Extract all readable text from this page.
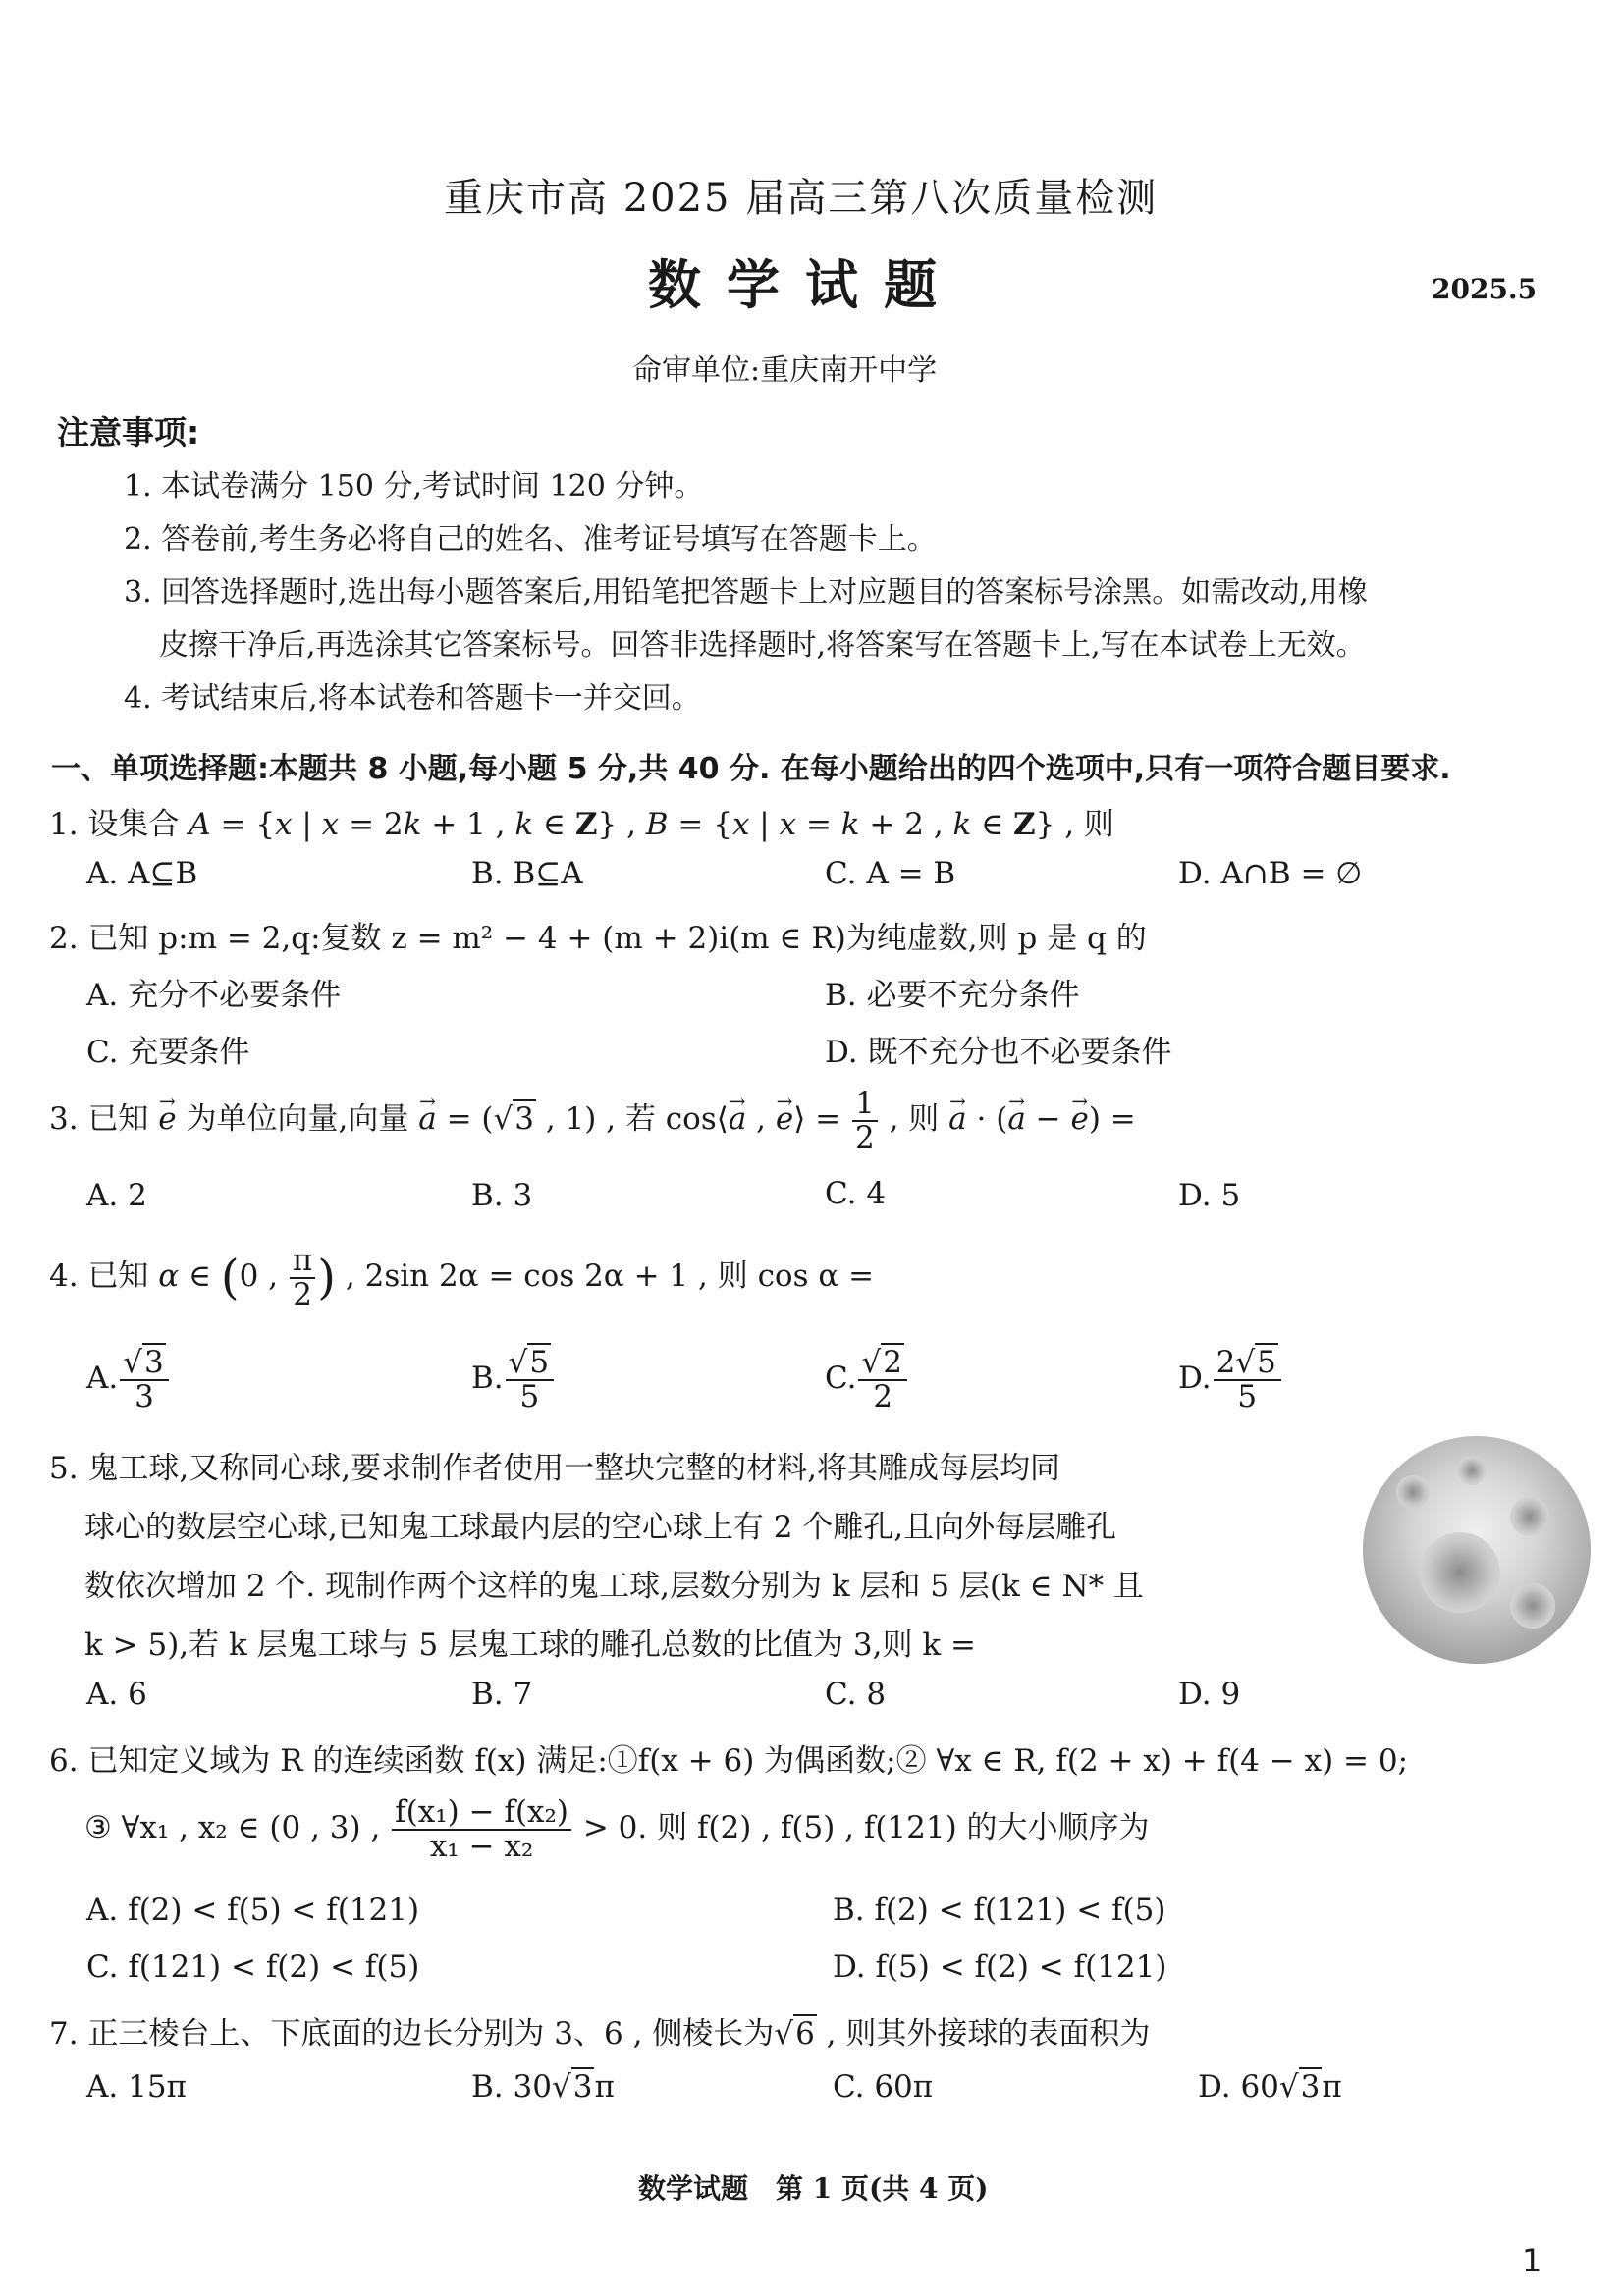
重庆市高 2025 届高三第八次质量检测
数学试题	2025.5
命审单位:重庆南开中学
注意事项:
1. 本试卷满分 150 分,考试时间 120 分钟。
2. 答卷前,考生务必将自己的姓名、准考证号填写在答题卡上。
3. 回答选择题时,选出每小题答案后,用铅笔把答题卡上对应题目的答案标号涂黑。如需改动,用橡
皮擦干净后,再选涂其它答案标号。回答非选择题时,将答案写在答题卡上,写在本试卷上无效。
4. 考试结束后,将本试卷和答题卡一并交回。
一、单项选择题:本题共 8 小题,每小题 5 分,共 40 分. 在每小题给出的四个选项中,只有一项符合题目要求.
1. 设集合 A = {x | x = 2k + 1 , k ∈ Z} , B = {x | x = k + 2 , k ∈ Z} , 则
A. A⊆B	B. B⊆A	C. A = B	D. A∩B = ∅
2. 已知 p:m = 2,q:复数 z = m² − 4 + (m + 2)i(m ∈ R)为纯虚数,则 p 是 q 的
A. 充分不必要条件	B. 必要不充分条件
C. 充要条件	D. 既不充分也不必要条件
3. 已知 → e 为单位向量,向量 → a = (√3 , 1) , 若 cos⟨→ a , → e⟩ = $\frac{1}{2}$ , 则 → a · (→ a − → e) =
A. 2	B. 3	C. 4	D. 5
4. 已知 α ∈ (0 , $\frac{\pi}{2}$ ) , 2sin 2α = cos 2α + 1 , 则 cos α =
A. $\frac{√3}{3}$	B. $\frac{√5}{5}$	C. $\frac{√2}{2}$	D. $\frac{2√5}{5}$
5. 鬼工球,又称同心球,要求制作者使用一整块完整的材料,将其雕成每层均同
球心的数层空心球,已知鬼工球最内层的空心球上有 2 个雕孔,且向外每层雕孔
数依次增加 2 个. 现制作两个这样的鬼工球,层数分别为 k 层和 5 层(k ∈ N* 且
k > 5),若 k 层鬼工球与 5 层鬼工球的雕孔总数的比值为 3,则 k =
A. 6	B. 7	C. 8	D. 9
6. 已知定义域为 R 的连续函数 f(x) 满足:①f(x + 6) 为偶函数;② ∀x ∈ R, f(2 + x) + f(4 − x) = 0;
③ ∀x₁ , x₂ ∈ (0 , 3) , $\frac{\text{f(x₁) − f(x₂)}}{\text{x₁ − x₂}} > 0$. 则 f(2) , f(5) , f(121) 的大小顺序为
A. f(2) < f(5) < f(121)	B. f(2) < f(121) < f(5)
C. f(121) < f(2) < f(5)	D. f(5) < f(2) < f(121)
7. 正三棱台上、下底面的边长分别为 3、6 , 侧棱长为√6 , 则其外接球的表面积为
A. 15π	B. 30√3π	C. 60π	D. 60√3π
数学试题　第 1 页(共 4 页)
1
